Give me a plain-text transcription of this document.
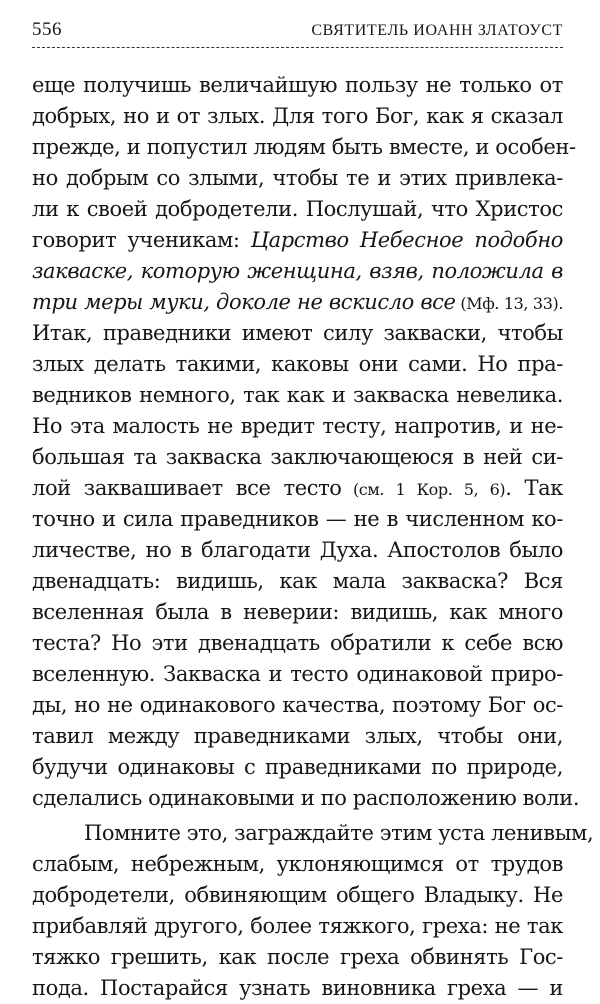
556	СВЯТИТЕЛЬ ИОАНН ЗЛАТОУСТ
еще получишь величайшую пользу не только от
добрых, но и от злых. Для того Бог, как я сказал
прежде, и попустил людям быть вместе, и особен-
но добрым со злыми, чтобы те и этих привлека-
ли к своей добродетели. Послушай, что Христос
говорит ученикам: Царство Небесное подобно
закваске, которую женщина, взяв, положила в
три меры муки, доколе не вскисло все (Мф. 13, 33).
Итак, праведники имеют силу закваски, чтобы
злых делать такими, каковы они сами. Но пра-
ведников немного, так как и закваска невелика.
Но эта малость не вредит тесту, напротив, и не-
большая та закваска заключающеюся в ней си-
лой заквашивает все тесто (см. 1 Кор. 5, 6). Так
точно и сила праведников — не в численном ко-
личестве, но в благодати Духа. Апостолов было
двенадцать: видишь, как мала закваска? Вся
вселенная была в неверии: видишь, как много
теста? Но эти двенадцать обратили к себе всю
вселенную. Закваска и тесто одинаковой приро-
ды, но не одинакового качества, поэтому Бог ос-
тавил между праведниками злых, чтобы они,
будучи одинаковы с праведниками по природе,
сделались одинаковыми и по расположению воли.
Помните это, заграждайте этим уста ленивым,
слабым, небрежным, уклоняющимся от трудов
добродетели, обвиняющим общего Владыку. Не
прибавляй другого, более тяжкого, греха: не так
тяжко грешить, как после греха обвинять Гос-
пода. Постарайся узнать виновника греха — и
